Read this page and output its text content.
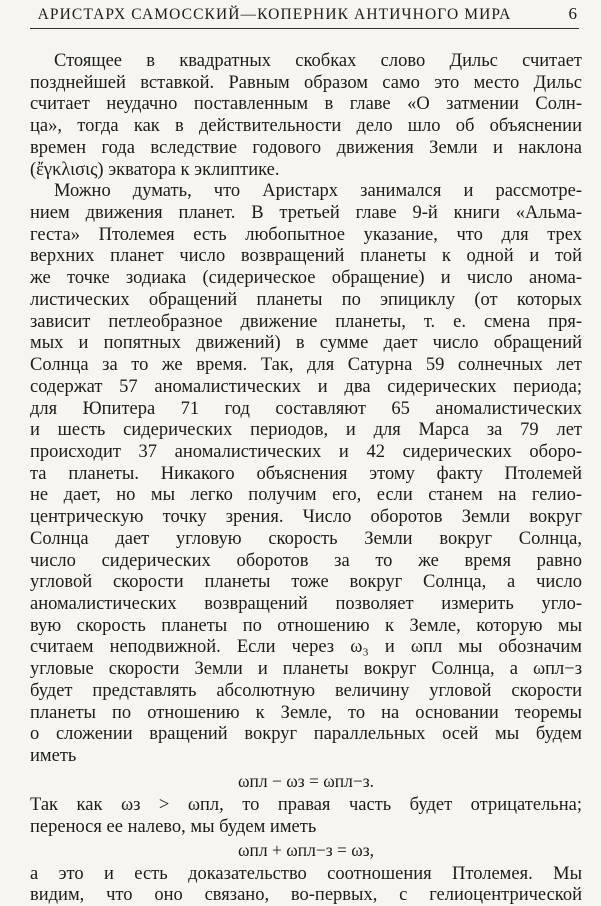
АРИСТАРХ САМОССКИЙ—КОПЕРНИК АНТИЧНОГО МИРА	6
Стоящее в квадратных скобках слово Дильс считает
позднейшей вставкой. Равным образом само это место Дильс
считает неудачно поставленным в главе «О затмении Солн-
ца», тогда как в действительности дело шло об объяснении
времен года вследствие годового движения Земли и наклона
(ἔγκλισις) экватора к эклиптике.
Можно думать, что Аристарх занимался и рассмотре-
нием движения планет. В третьей главе 9-й книги «Альма-
геста» Птолемея есть любопытное указание, что для трех
верхних планет число возвращений планеты к одной и той
же точке зодиака (сидерическое обращение) и число анома-
листических обращений планеты по эпициклу (от которых
зависит петлеобразное движение планеты, т. е. смена пря-
мых и попятных движений) в сумме дает число обращений
Солнца за то же время. Так, для Сатурна 59 солнечных лет
содержат 57 аномалистических и два сидерических периода;
для Юпитера 71 год составляют 65 аномалистических
и шесть сидерических периодов, и для Марса за 79 лет
происходит 37 аномалистических и 42 сидерических оборо-
та планеты. Никакого объяснения этому факту Птолемей
не дает, но мы легко получим его, если станем на гелио-
центрическую точку зрения. Число оборотов Земли вокруг
Солнца дает угловую скорость Земли вокруг Солнца,
число сидерических оборотов за то же время равно
угловой скорости планеты тоже вокруг Солнца, а число
аномалистических возвращений позволяет измерить угло-
вую скорость планеты по отношению к Земле, которую мы
считаем неподвижной. Если через ω₃ и ωпл мы обозначим
угловые скорости Земли и планеты вокруг Солнца, а ωпл−з
будет представлять абсолютную величину угловой скорости
планеты по отношению к Земле, то на основании теоремы
о сложении вращений вокруг параллельных осей мы будем
иметь
ωпл − ωз = ωпл−з.
Так как ωз > ωпл, то правая часть будет отрицательна;
перенося ее налево, мы будем иметь
ωпл + ωпл−з = ωз,
а это и есть доказательство соотношения Птолемея. Мы
видим, что оно связано, во-первых, с гелиоцентрической
